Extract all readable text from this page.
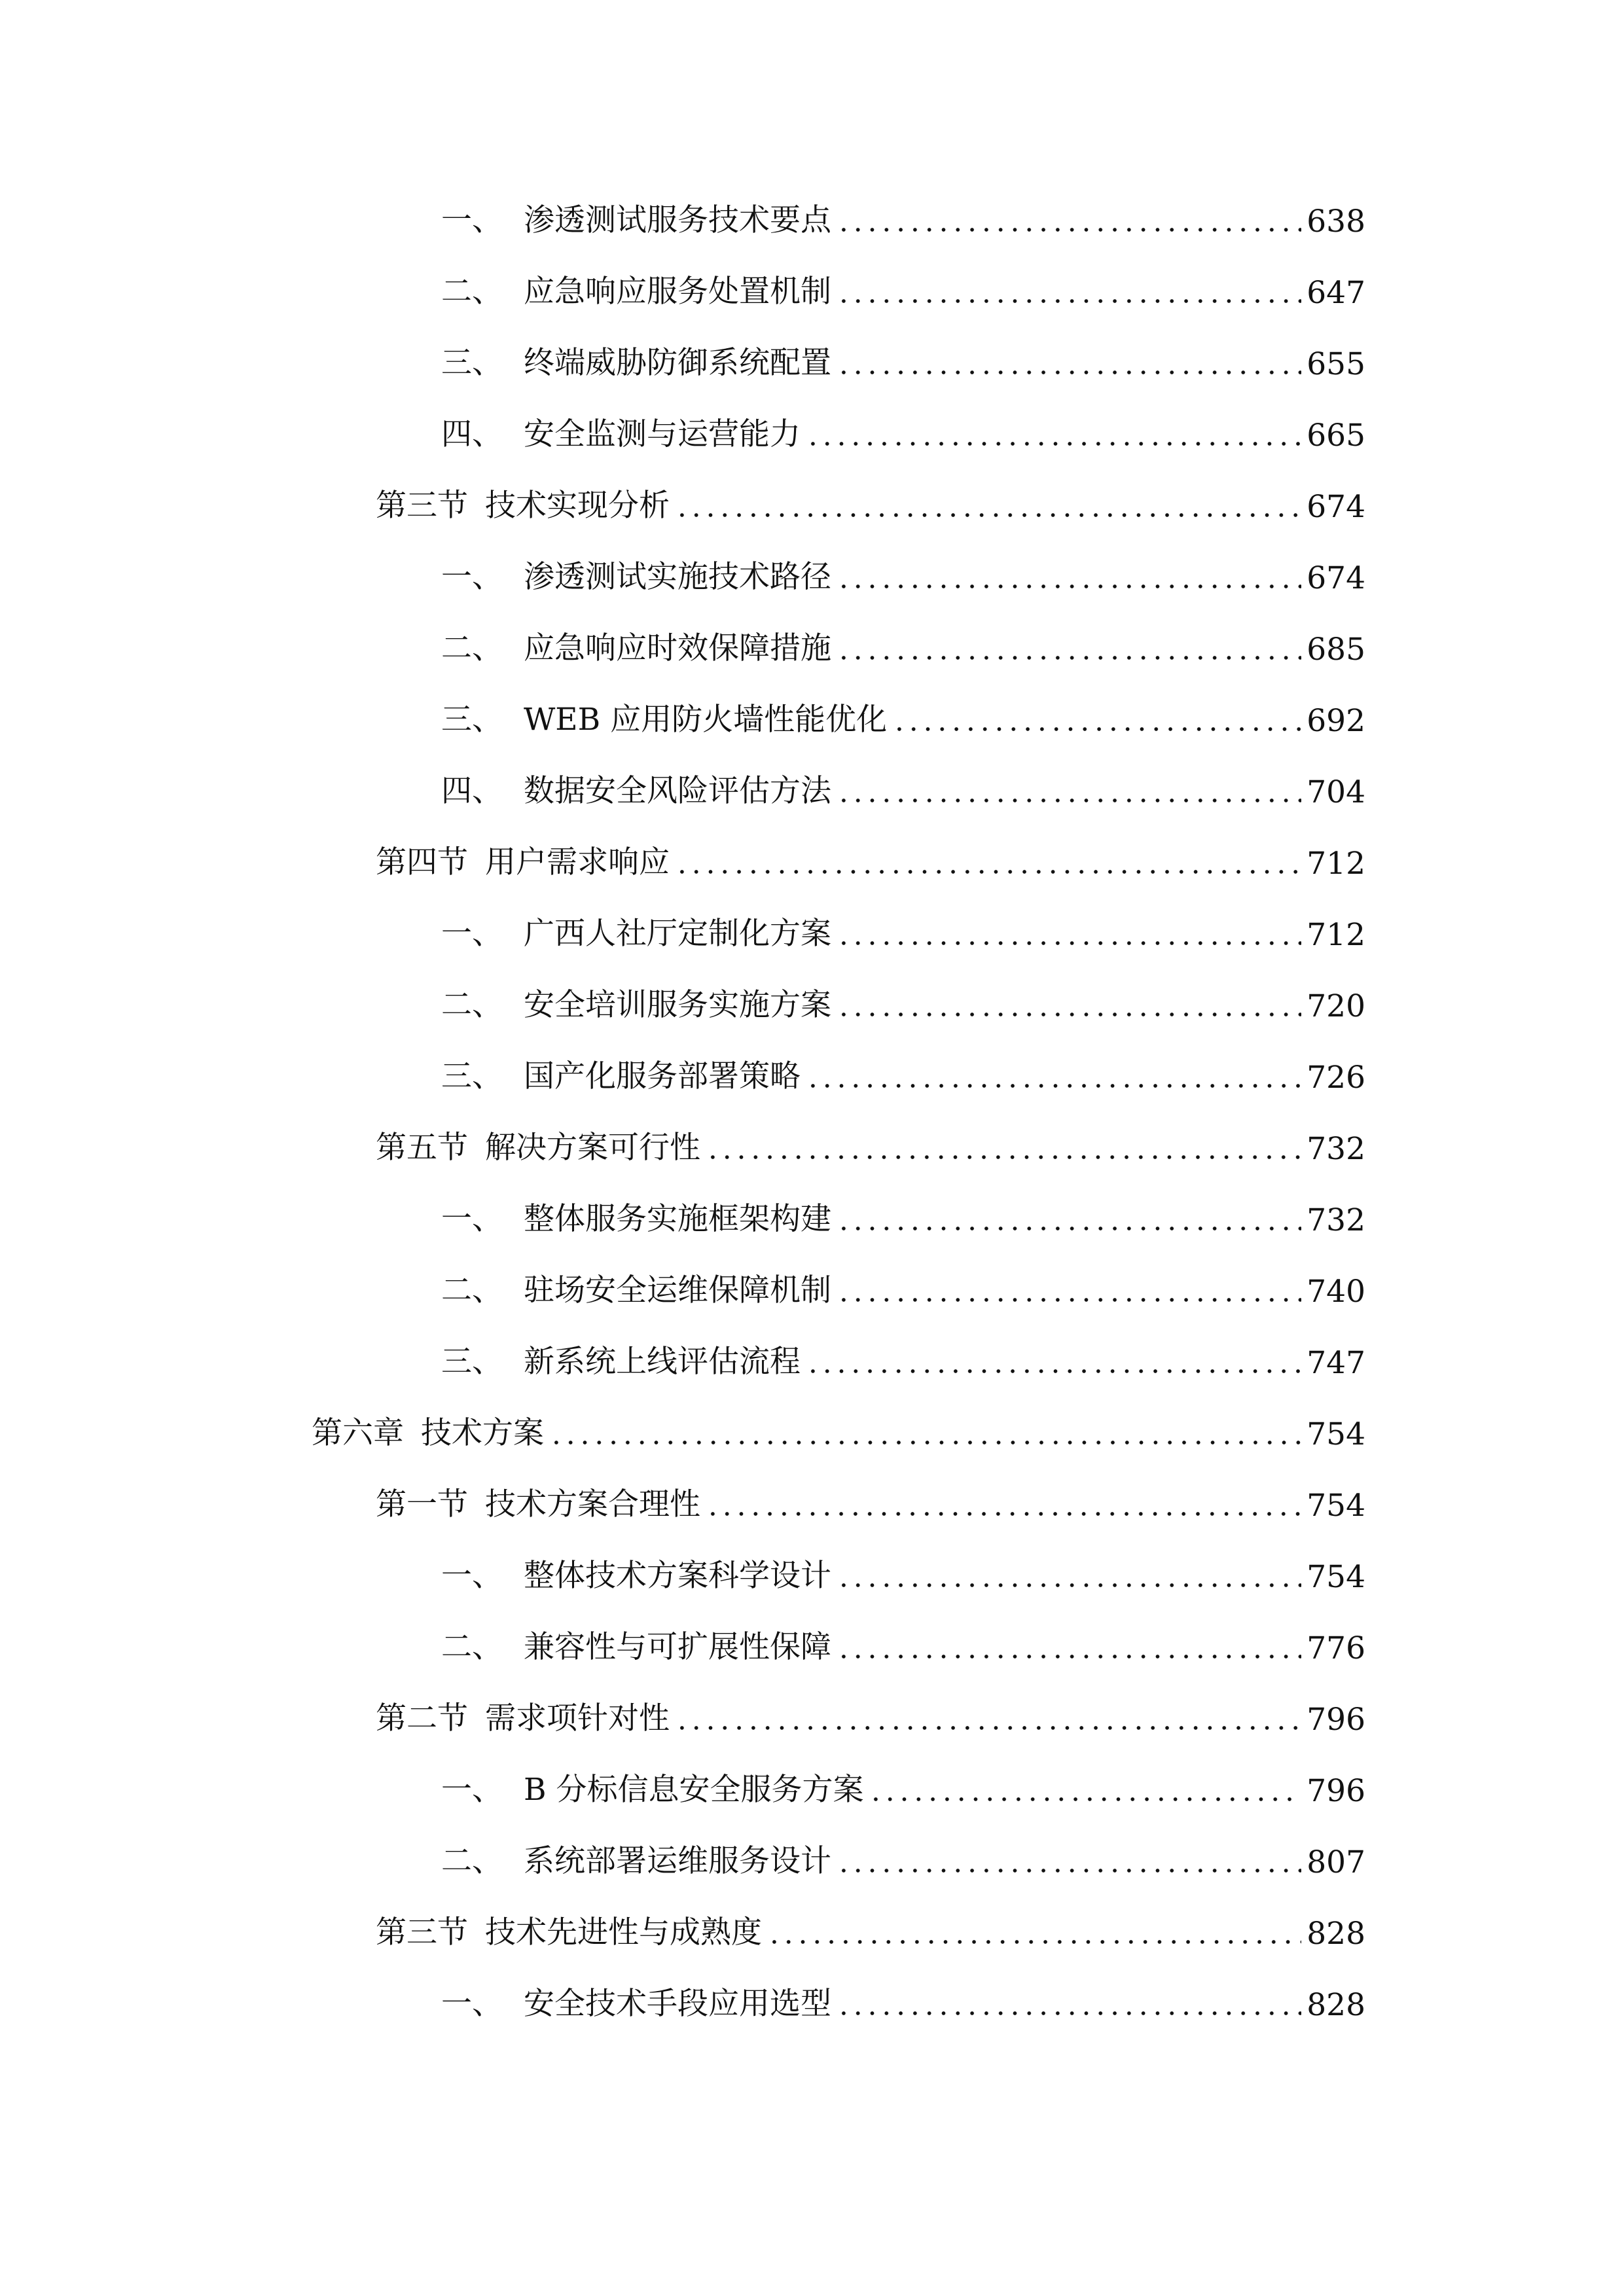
一、 渗透测试服务技术要点	638
二、 应急响应服务处置机制	647
三、 终端威胁防御系统配置	655
四、 安全监测与运营能力	665
第三节 技术实现分析	674
一、 渗透测试实施技术路径	674
二、 应急响应时效保障措施	685
三、 WEB 应用防火墙性能优化	692
四、 数据安全风险评估方法	704
第四节 用户需求响应	712
一、 广西人社厅定制化方案	712
二、 安全培训服务实施方案	720
三、 国产化服务部署策略	726
第五节 解决方案可行性	732
一、 整体服务实施框架构建	732
二、 驻场安全运维保障机制	740
三、 新系统上线评估流程	747
第六章 技术方案	754
第一节 技术方案合理性	754
一、 整体技术方案科学设计	754
二、 兼容性与可扩展性保障	776
第二节 需求项针对性	796
一、 B 分标信息安全服务方案	796
二、 系统部署运维服务设计	807
第三节 技术先进性与成熟度	828
一、 安全技术手段应用选型	828
